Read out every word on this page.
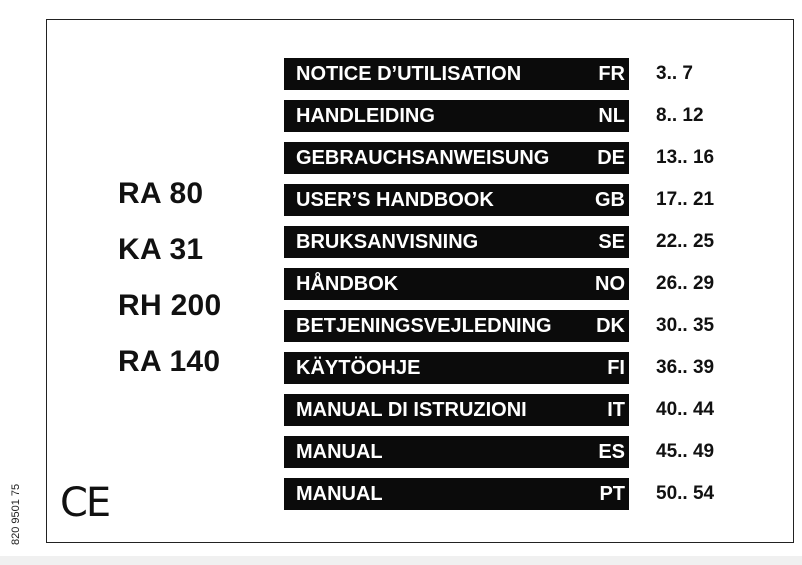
RA 80
KA 31
RH 200
RA 140
NOTICE D’UTILISATION	FR 3.. 7
HANDLEIDING	NL 8.. 12
GEBRAUCHSANWEISUNG DE 13.. 16
USER’S HANDBOOK	GB 17.. 21
BRUKSANVISNING	SE 22.. 25
HÅNDBOK	NO 26.. 29
BETJENINGSVEJLEDNING DK 30.. 35
KÄYTÖOHJE	FI 36.. 39
MANUAL DI ISTRUZIONI	IT 40.. 44
MANUAL	ES 45.. 49
MANUAL	PT 50.. 54
CE
820 9501 75
